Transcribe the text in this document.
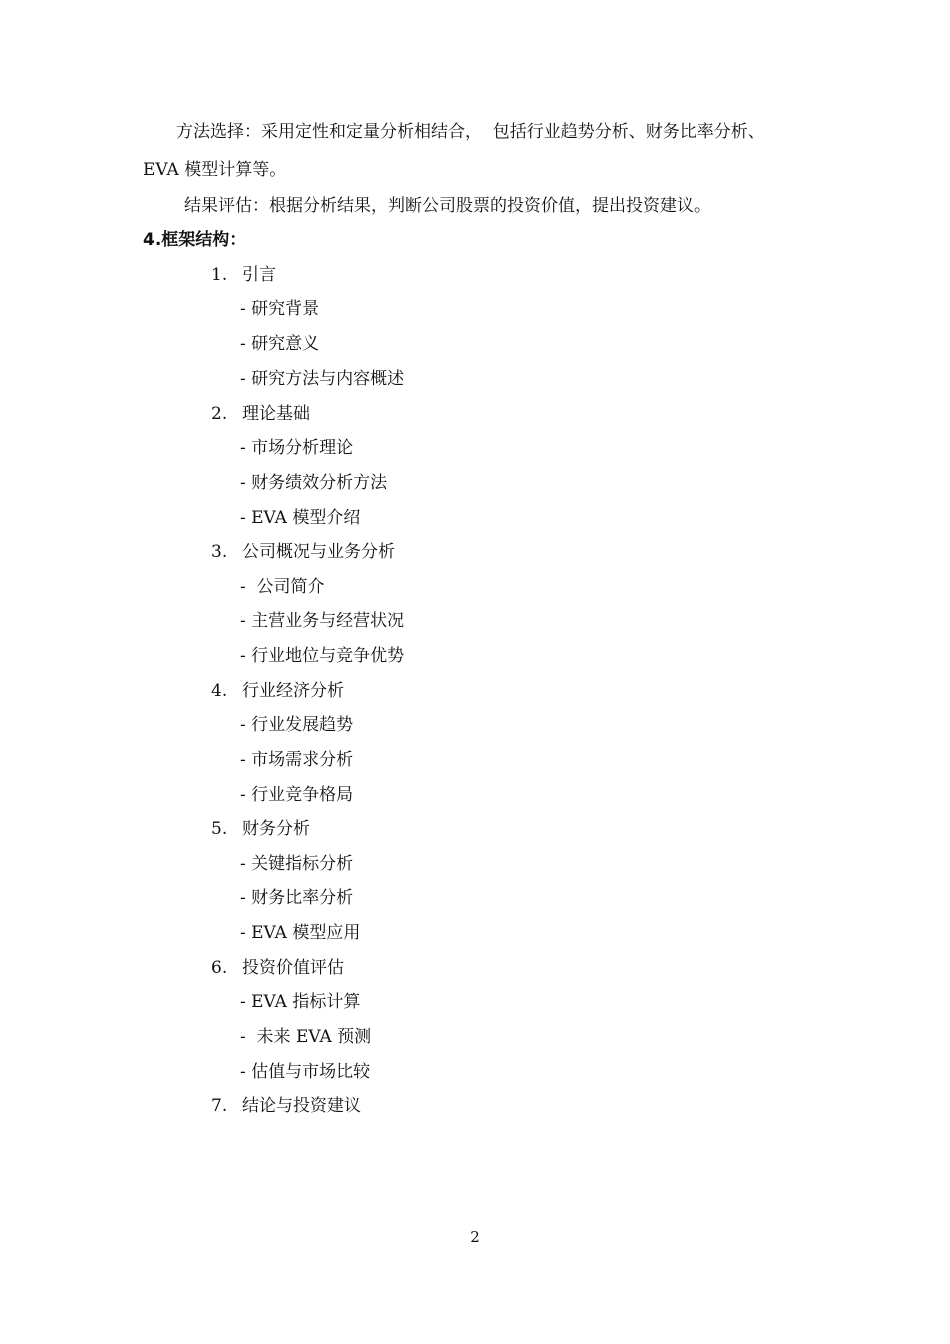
方法选择：采用定性和定量分析相结合，  包括行业趋势分析、财务比率分析、
EVA 模型计算等。
结果评估：根据分析结果，判断公司股票的投资价值，提出投资建议。
4.框架结构：
1. 引言
- 研究背景
- 研究意义
- 研究方法与内容概述
2. 理论基础
- 市场分析理论
- 财务绩效分析方法
- EVA 模型介绍
3. 公司概况与业务分析
-  公司简介
- 主营业务与经营状况
- 行业地位与竞争优势
4. 行业经济分析
- 行业发展趋势
- 市场需求分析
- 行业竞争格局
5. 财务分析
- 关键指标分析
- 财务比率分析
- EVA 模型应用
6. 投资价值评估
- EVA 指标计算
-  未来 EVA 预测
- 估值与市场比较
7. 结论与投资建议
2
